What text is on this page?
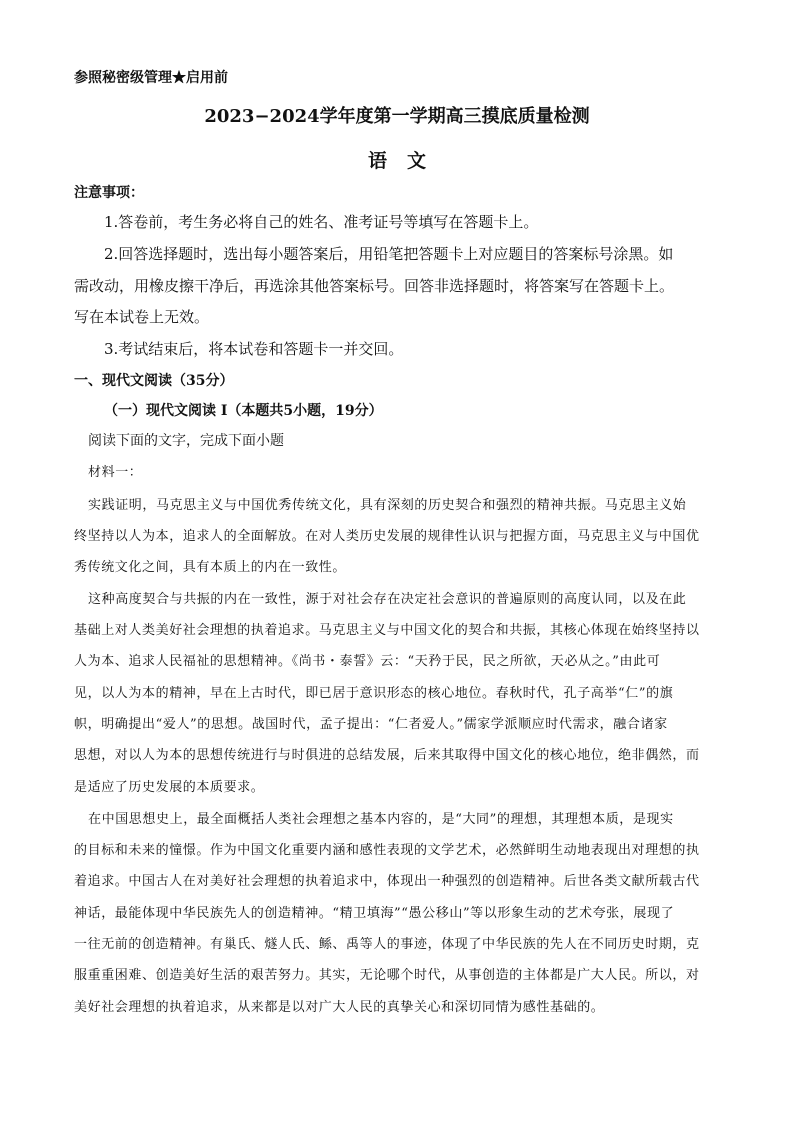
参照秘密级管理★启用前
2023−2024学年度第一学期高三摸底质量检测
语文
注意事项：
1.答卷前，考生务必将自己的姓名、准考证号等填写在答题卡上。
2.回答选择题时，选出每小题答案后，用铅笔把答题卡上对应题目的答案标号涂黑。如
需改动，用橡皮擦干净后，再选涂其他答案标号。回答非选择题时，将答案写在答题卡上。
写在本试卷上无效。
3.考试结束后，将本试卷和答题卡一并交回。
一、现代文阅读（35分）
（一）现代文阅读 I（本题共5小题，19分）
阅读下面的文字，完成下面小题
材料一：
实践证明，马克思主义与中国优秀传统文化，具有深刻的历史契合和强烈的精神共振。马克思主义始
终坚持以人为本，追求人的全面解放。在对人类历史发展的规律性认识与把握方面，马克思主义与中国优
秀传统文化之间，具有本质上的内在一致性。
这种高度契合与共振的内在一致性，源于对社会存在决定社会意识的普遍原则的高度认同，以及在此
基础上对人类美好社会理想的执着追求。马克思主义与中国文化的契合和共振，其核心体现在始终坚持以
人为本、追求人民福祉的思想精神。《尚书・泰誓》云：“天矜于民，民之所欲，天必从之。”由此可
见，以人为本的精神，早在上古时代，即已居于意识形态的核心地位。春秋时代，孔子高举“仁”的旗
帜，明确提出“爱人”的思想。战国时代，孟子提出：“仁者爱人。”儒家学派顺应时代需求，融合诸家
思想，对以人为本的思想传统进行与时俱进的总结发展，后来其取得中国文化的核心地位，绝非偶然，而
是适应了历史发展的本质要求。
在中国思想史上，最全面概括人类社会理想之基本内容的，是“大同”的理想，其理想本质，是现实
的目标和未来的憧憬。作为中国文化重要内涵和感性表现的文学艺术，必然鲜明生动地表现出对理想的执
着追求。中国古人在对美好社会理想的执着追求中，体现出一种强烈的创造精神。后世各类文献所载古代
神话，最能体现中华民族先人的创造精神。“精卫填海”“愚公移山”等以形象生动的艺术夸张，展现了
一往无前的创造精神。有巢氏、燧人氏、鲧、禹等人的事迹，体现了中华民族的先人在不同历史时期，克
服重重困难、创造美好生活的艰苦努力。其实，无论哪个时代，从事创造的主体都是广大人民。所以，对
美好社会理想的执着追求，从来都是以对广大人民的真挚关心和深切同情为感性基础的。
